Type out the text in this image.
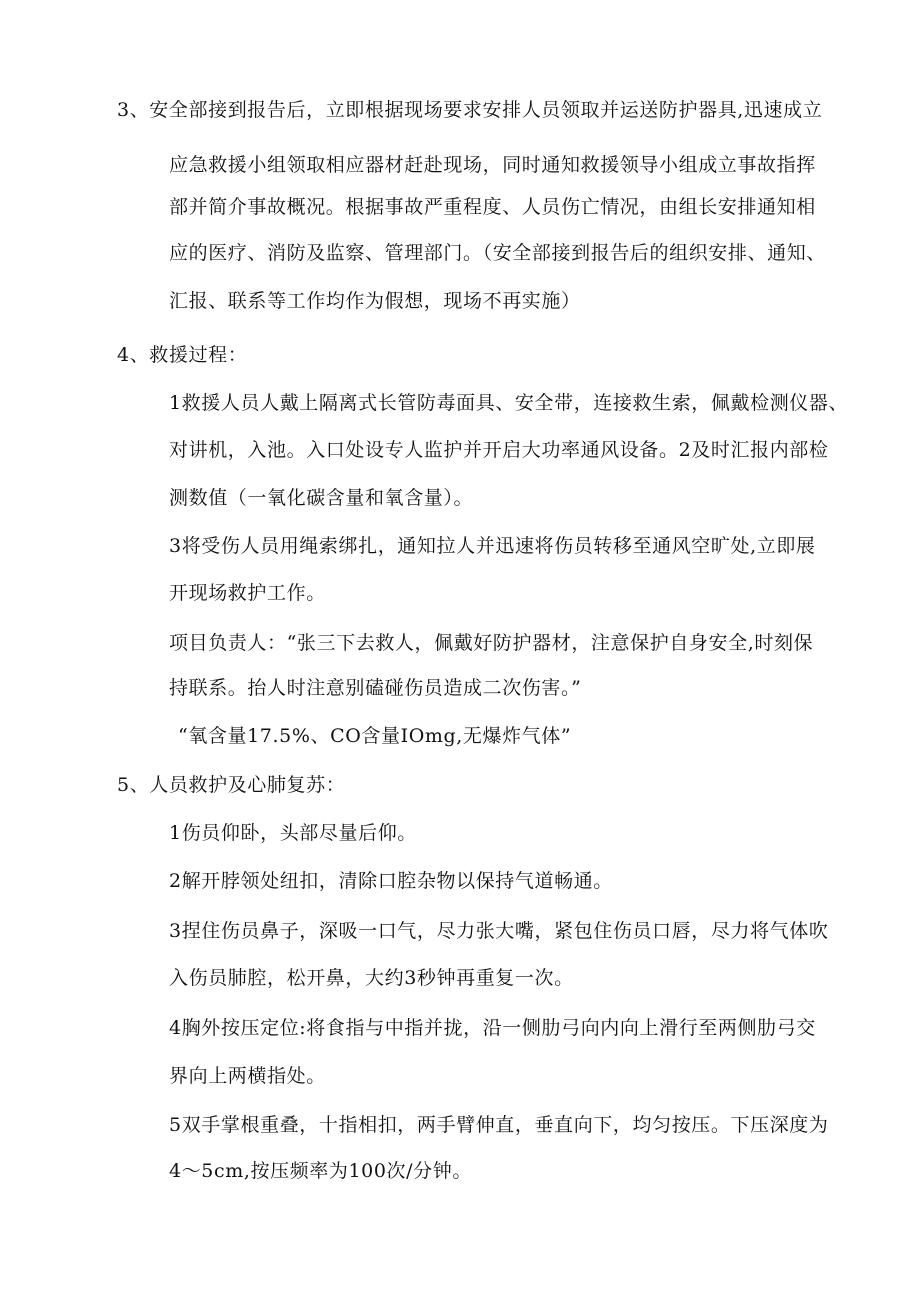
3、安全部接到报告后，立即根据现场要求安排人员领取并运送防护器具,迅速成立
应急救援小组领取相应器材赶赴现场，同时通知救援领导小组成立事故指挥
部并简介事故概况。根据事故严重程度、人员伤亡情况，由组长安排通知相
应的医疗、消防及监察、管理部门。（安全部接到报告后的组织安排、通知、
汇报、联系等工作均作为假想，现场不再实施）
4、救援过程：
1救援人员人戴上隔离式长管防毒面具、安全带，连接救生索，佩戴检测仪器、
对讲机，入池。入口处设专人监护并开启大功率通风设备。2及时汇报内部检
测数值（一氧化碳含量和氧含量）。
3将受伤人员用绳索绑扎，通知拉人并迅速将伤员转移至通风空旷处,立即展
开现场救护工作。
项目负责人：“张三下去救人，佩戴好防护器材，注意保护自身安全,时刻保
持联系。抬人时注意别磕碰伤员造成二次伤害。”
“氧含量17.5%、CO含量IOmg,无爆炸气体”
5、人员救护及心肺复苏：
1伤员仰卧，头部尽量后仰。
2解开脖领处纽扣，清除口腔杂物以保持气道畅通。
3捏住伤员鼻子，深吸一口气，尽力张大嘴，紧包住伤员口唇，尽力将气体吹
入伤员肺腔，松开鼻，大约3秒钟再重复一次。
4胸外按压定位:将食指与中指并拢，沿一侧肋弓向内向上滑行至两侧肋弓交
界向上两横指处。
5双手掌根重叠，十指相扣，两手臂伸直，垂直向下，均匀按压。下压深度为
4～5cm,按压频率为100次/分钟。
